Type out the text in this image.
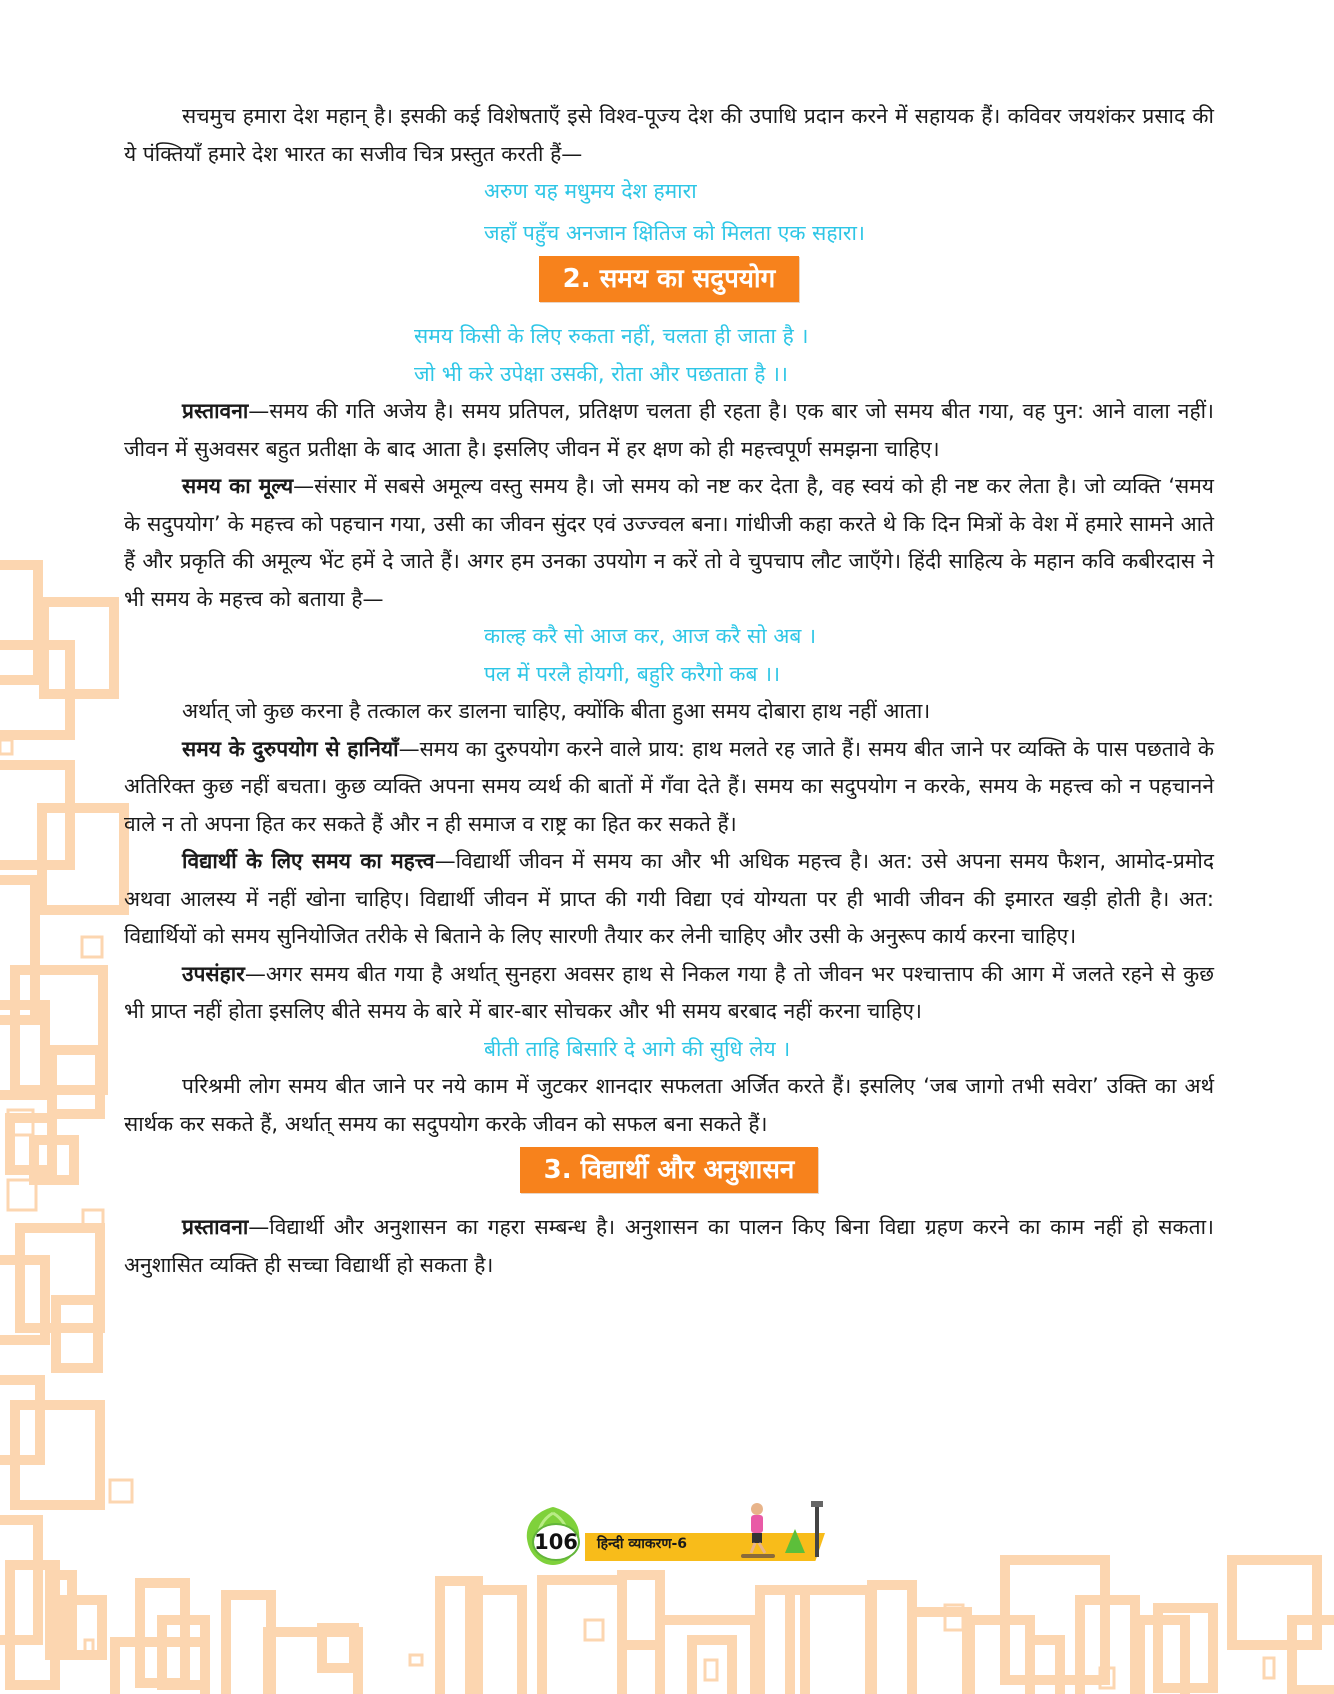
सचमुच हमारा देश महान् है। इसकी कई विशेषताएँ इसे विश्व-पूज्य देश की उपाधि प्रदान करने में सहायक हैं। कविवर जयशंकर प्रसाद की ये पंक्तियाँ हमारे देश भारत का सजीव चित्र प्रस्तुत करती हैं—

अरुण यह मधुमय देश हमारा

जहाँ पहुँच अनजान क्षितिज को मिलता एक सहारा।

2. समय का सदुपयोग

समय किसी के लिए रुकता नहीं, चलता ही जाता है ।

जो भी करे उपेक्षा उसकी, रोता और पछताता है ।।

प्रस्तावना—समय की गति अजेय है। समय प्रतिपल, प्रतिक्षण चलता ही रहता है। एक बार जो समय बीत गया, वह पुन: आने वाला नहीं। जीवन में सुअवसर बहुत प्रतीक्षा के बाद आता है। इसलिए जीवन में हर क्षण को ही महत्त्वपूर्ण समझना चाहिए।

समय का मूल्य—संसार में सबसे अमूल्य वस्तु समय है। जो समय को नष्ट कर देता है, वह स्वयं को ही नष्ट कर लेता है। जो व्यक्ति ‘समय के सदुपयोग’ के महत्त्व को पहचान गया, उसी का जीवन सुंदर एवं उज्ज्वल बना। गांधीजी कहा करते थे कि दिन मित्रों के वेश में हमारे सामने आते हैं और प्रकृति की अमूल्य भेंट हमें दे जाते हैं। अगर हम उनका उपयोग न करें तो वे चुपचाप लौट जाएँगे। हिंदी साहित्य के महान कवि कबीरदास ने भी समय के महत्त्व को बताया है—

काल्ह करै सो आज कर, आज करै सो अब ।

पल में परलै होयगी, बहुरि करैगो कब ।।

अर्थात् जो कुछ करना है तत्काल कर डालना चाहिए, क्योंकि बीता हुआ समय दोबारा हाथ नहीं आता।

समय के दुरुपयोग से हानियाँ—समय का दुरुपयोग करने वाले प्राय: हाथ मलते रह जाते हैं। समय बीत जाने पर व्यक्ति के पास पछतावे के अतिरिक्त कुछ नहीं बचता। कुछ व्यक्ति अपना समय व्यर्थ की बातों में गँवा देते हैं। समय का सदुपयोग न करके, समय के महत्त्व को न पहचानने वाले न तो अपना हित कर सकते हैं और न ही समाज व राष्ट्र का हित कर सकते हैं।

विद्यार्थी के लिए समय का महत्त्व—विद्यार्थी जीवन में समय का और भी अधिक महत्त्व है। अत: उसे अपना समय फैशन, आमोद-प्रमोद अथवा आलस्य में नहीं खोना चाहिए। विद्यार्थी जीवन में प्राप्त की गयी विद्या एवं योग्यता पर ही भावी जीवन की इमारत खड़ी होती है। अत: विद्यार्थियों को समय सुनियोजित तरीके से बिताने के लिए सारणी तैयार कर लेनी चाहिए और उसी के अनुरूप कार्य करना चाहिए।

उपसंहार—अगर समय बीत गया है अर्थात् सुनहरा अवसर हाथ से निकल गया है तो जीवन भर पश्चात्ताप की आग में जलते रहने से कुछ भी प्राप्त नहीं होता इसलिए बीते समय के बारे में बार-बार सोचकर और भी समय बरबाद नहीं करना चाहिए।

बीती ताहि बिसारि दे आगे की सुधि लेय ।

परिश्रमी लोग समय बीत जाने पर नये काम में जुटकर शानदार सफलता अर्जित करते हैं। इसलिए ‘जब जागो तभी सवेरा’ उक्ति का अर्थ सार्थक कर सकते हैं, अर्थात् समय का सदुपयोग करके जीवन को सफल बना सकते हैं।

3. विद्यार्थी और अनुशासन

प्रस्तावना—विद्यार्थी और अनुशासन का गहरा सम्बन्ध है। अनुशासन का पालन किए बिना विद्या ग्रहण करने का काम नहीं हो सकता। अनुशासित व्यक्ति ही सच्चा विद्यार्थी हो सकता है।

106 हिन्दी व्याकरण-6
